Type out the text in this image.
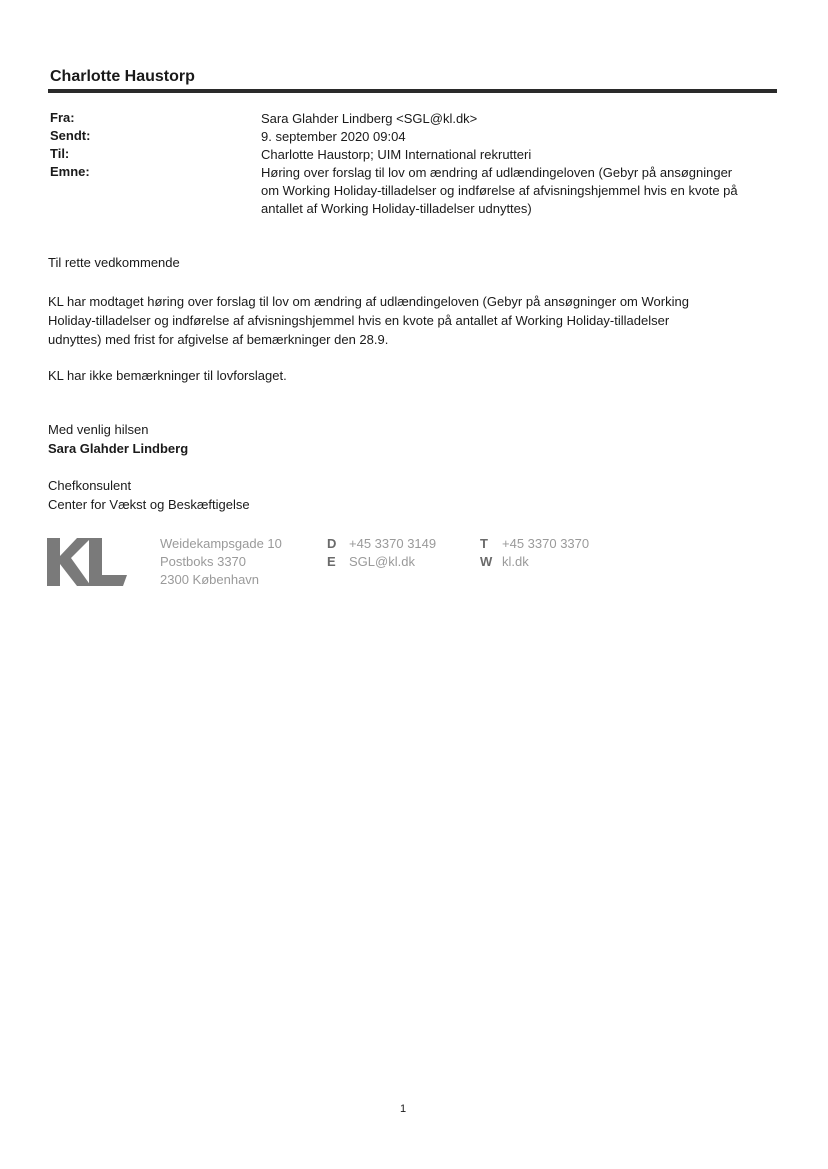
Charlotte Haustorp
Fra:	Sara Glahder Lindberg <SGL@kl.dk>
Sendt:	9. september 2020 09:04
Til:	Charlotte Haustorp; UIM International rekrutteri
Emne:	Høring over forslag til lov om ændring af udlændingeloven (Gebyr på ansøgninger
om Working Holiday-tilladelser og indførelse af afvisningshjemmel hvis en kvote på
antallet af Working Holiday-tilladelser udnyttes)
Til rette vedkommende
KL har modtaget høring over forslag til lov om ændring af udlændingeloven (Gebyr på ansøgninger om Working
Holiday-tilladelser og indførelse af afvisningshjemmel hvis en kvote på antallet af Working Holiday-tilladelser
udnyttes) med frist for afgivelse af bemærkninger den 28.9.
KL har ikke bemærkninger til lovforslaget.
Med venlig hilsen
Sara Glahder Lindberg
Chefkonsulent
Center for Vækst og Beskæftigelse
Weidekampsgade 10
Postboks 3370
2300 København
D +45 3370 3149
E SGL@kl.dk
T +45 3370 3370
W kl.dk
1
